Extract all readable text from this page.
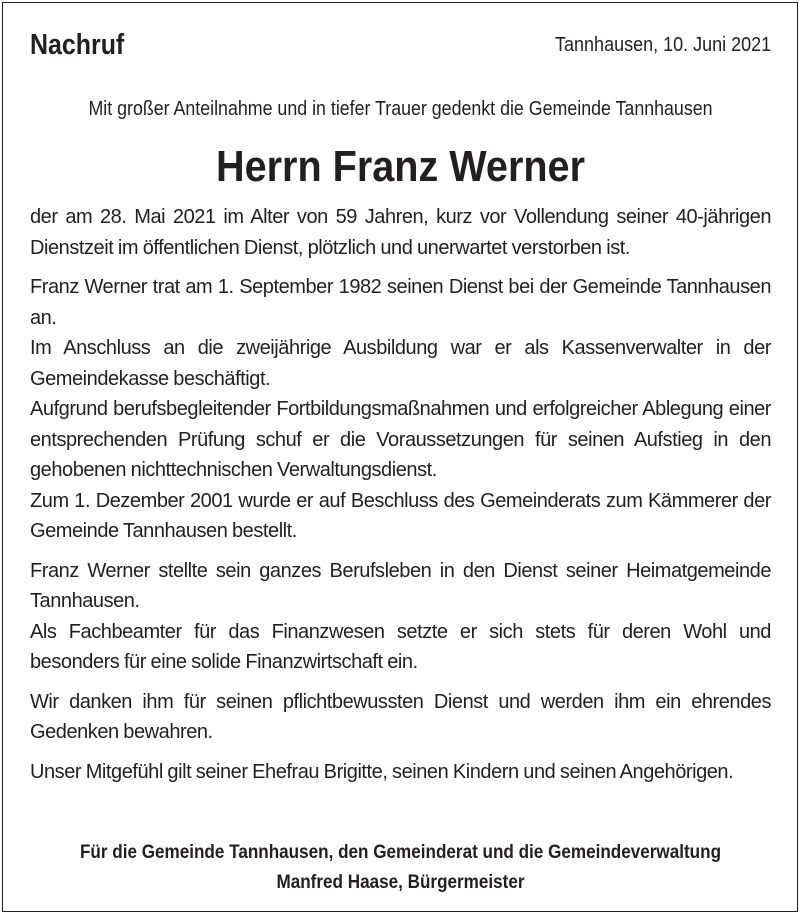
Nachruf	Tannhausen, 10. Juni 2021
Mit großer Anteilnahme und in tiefer Trauer gedenkt die Gemeinde Tannhausen
Herrn Franz Werner

der am 28. Mai 2021 im Alter von 59 Jahren, kurz vor Vollendung seiner 40-jährigen Dienstzeit im öffentlichen Dienst, plötzlich und unerwartet verstorben ist.

Franz Werner trat am 1. September 1982 seinen Dienst bei der Gemeinde Tannhausen an.

Im Anschluss an die zweijährige Ausbildung war er als Kassenverwalter in der Gemeindekasse beschäftigt.

Aufgrund berufsbegleitender Fortbildungsmaßnahmen und erfolgreicher Ablegung einer entsprechenden Prüfung schuf er die Voraussetzungen für seinen Aufstieg in den gehobenen nichttechnischen Verwaltungsdienst.

Zum 1. Dezember 2001 wurde er auf Beschluss des Gemeinderats zum Kämmerer der Gemeinde Tannhausen bestellt.

Franz Werner stellte sein ganzes Berufsleben in den Dienst seiner Heimatgemeinde Tannhausen.

Als Fachbeamter für das Finanzwesen setzte er sich stets für deren Wohl und besonders für eine solide Finanzwirtschaft ein.

Wir danken ihm für seinen pflichtbewussten Dienst und werden ihm ein ehrendes Gedenken bewahren.

Unser Mitgefühl gilt seiner Ehefrau Brigitte, seinen Kindern und seinen Angehörigen.

Für die Gemeinde Tannhausen, den Gemeinderat und die Gemeindeverwaltung
Manfred Haase, Bürgermeister
